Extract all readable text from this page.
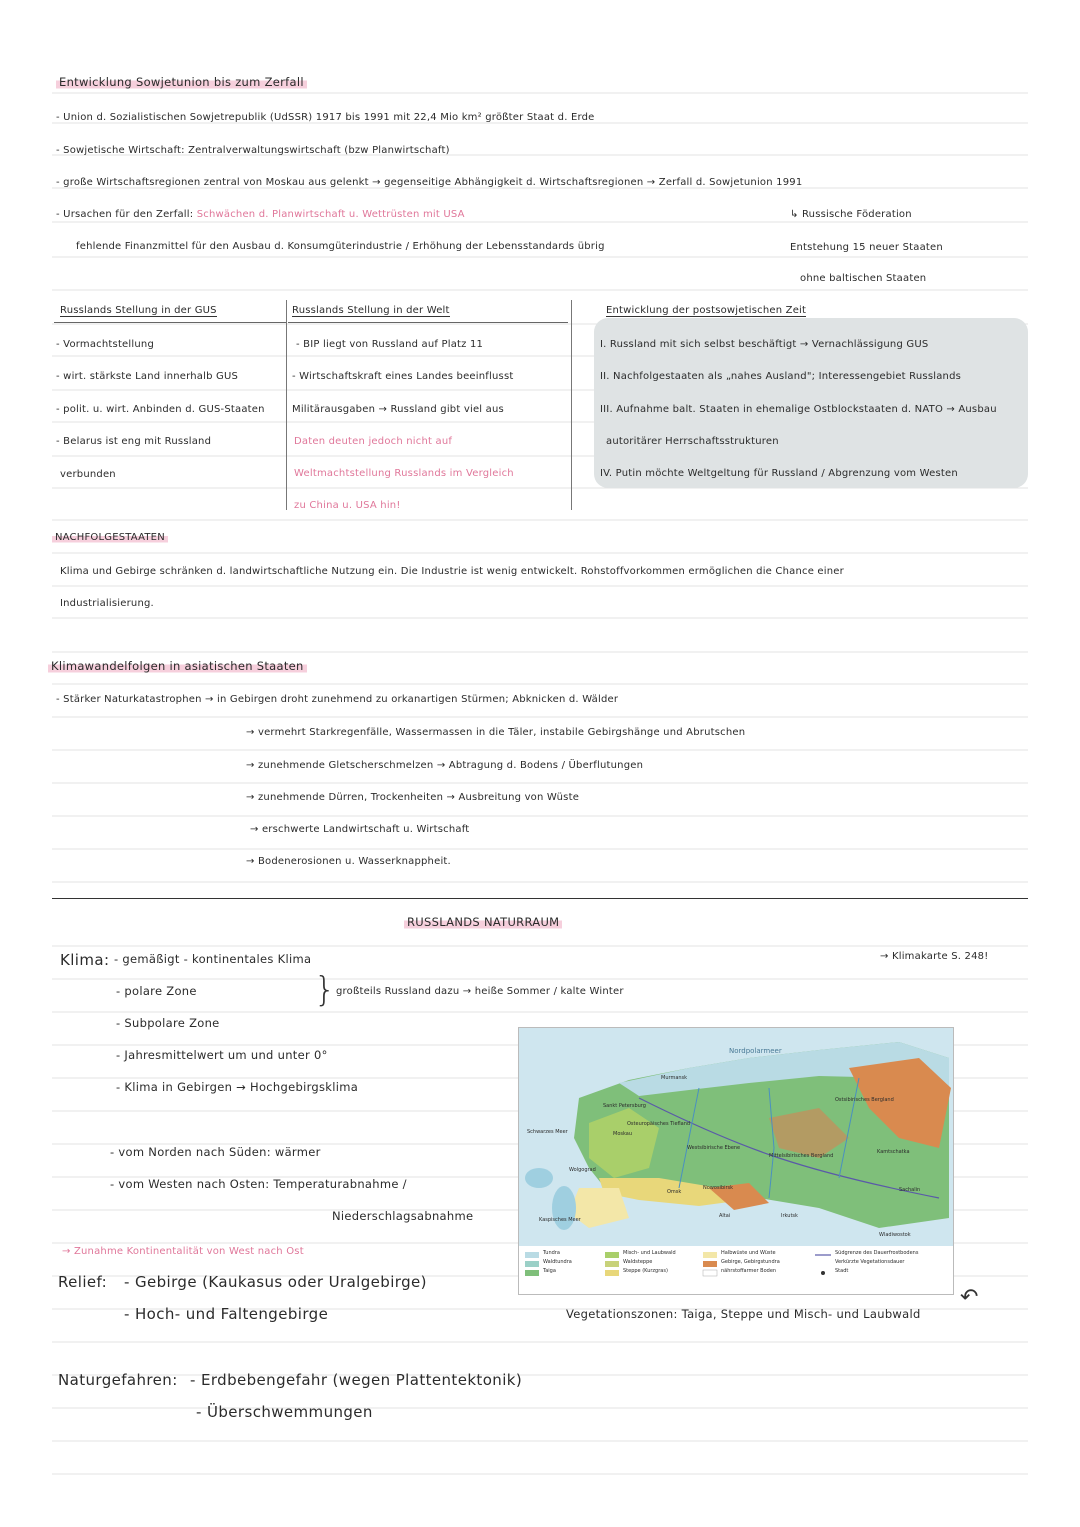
Entwicklung Sowjetunion bis zum Zerfall
- Union d. Sozialistischen Sowjetrepublik (UdSSR) 1917 bis 1991 mit 22,4 Mio km² größter Staat d. Erde
- Sowjetische Wirtschaft: Zentralverwaltungswirtschaft (bzw Planwirtschaft)
- große Wirtschaftsregionen zentral von Moskau aus gelenkt → gegenseitige Abhängigkeit d. Wirtschaftsregionen → Zerfall d. Sowjetunion 1991
- Ursachen für den Zerfall: Schwächen d. Planwirtschaft u. Wettrüsten mit USA
fehlende Finanzmittel für den Ausbau d. Konsumgüterindustrie / Erhöhung der Lebensstandards übrig
↳ Russische Föderation
Entstehung 15 neuer Staaten
ohne baltischen Staaten
Russlands Stellung in der GUS
- Vormachtstellung
- wirt. stärkste Land innerhalb GUS
- polit. u. wirt. Anbinden d. GUS-Staaten
- Belarus ist eng mit Russland
verbunden
Russlands Stellung in der Welt
- BIP liegt von Russland auf Platz 11
- Wirtschaftskraft eines Landes beeinflusst
Militärausgaben → Russland gibt viel aus
Daten deuten jedoch nicht auf
Weltmachtstellung Russlands im Vergleich
zu China u. USA hin!
Entwicklung der postsowjetischen Zeit
I. Russland mit sich selbst beschäftigt → Vernachlässigung GUS
II. Nachfolgestaaten als „nahes Ausland"; Interessengebiet Russlands
III. Aufnahme balt. Staaten in ehemalige Ostblockstaaten d. NATO → Ausbau
autoritärer Herrschaftsstrukturen
IV. Putin möchte Weltgeltung für Russland / Abgrenzung vom Westen
NACHFOLGESTAATEN
Klima und Gebirge schränken d. landwirtschaftliche Nutzung ein. Die Industrie ist wenig entwickelt. Rohstoffvorkommen ermöglichen die Chance einer
Industrialisierung.
Klimawandelfolgen in asiatischen Staaten
- Stärker Naturkatastrophen → in Gebirgen droht zunehmend zu orkanartigen Stürmen; Abknicken d. Wälder
→ vermehrt Starkregenfälle, Wassermassen in die Täler, instabile Gebirgshänge und Abrutschen
→ zunehmende Gletscherschmelzen → Abtragung d. Bodens / Überflutungen
→ zunehmende Dürren, Trockenheiten → Ausbreitung von Wüste
→ erschwerte Landwirtschaft u. Wirtschaft
→ Bodenerosionen u. Wasserknappheit.
RUSSLANDS NATURRAUM
Klima: - gemäßigt - kontinentales Klima
- polare Zone
- Subpolare Zone
- Jahresmittelwert um und unter 0°
- Klima in Gebirgen → Hochgebirgsklima
} großteils Russland dazu → heiße Sommer / kalte Winter
→ Klimakarte S. 248!
- vom Norden nach Süden: wärmer
- vom Westen nach Osten: Temperaturabnahme /
Niederschlagsabnahme
→ Zunahme Kontinentalität von West nach Ost
Relief: - Gebirge (Kaukasus oder Uralgebirge)
- Hoch- und Faltengebirge	Vegetationszonen: Taiga, Steppe und Misch- und Laubwald
↶
Naturgefahren: - Erdbebengefahr (wegen Plattentektonik)
- Überschwemmungen
Nordpolarmeer
Murmansk
Sankt Petersburg
Moskau
Osteuropäisches Tiefland
Westsibirische Ebene
Mittelsibirisches Bergland
Ostsibirisches Bergland
Kamtschatka
Altai
Omsk
Wolgograd
Nowosibirsk
Irkutsk
Sachalin
Wladiwostok
Kaspisches Meer
Schwarzes Meer
Tundra
Waldtundra
Taiga
Misch- und Laubwald
Waldsteppe
Steppe (Kurzgras)
Halbwüste und Wüste
Gebirge, Gebirgstundra
nährstoffarmer Boden
Südgrenze des Dauerfrostbodens
Verkürzte Vegetationsdauer
Stadt
